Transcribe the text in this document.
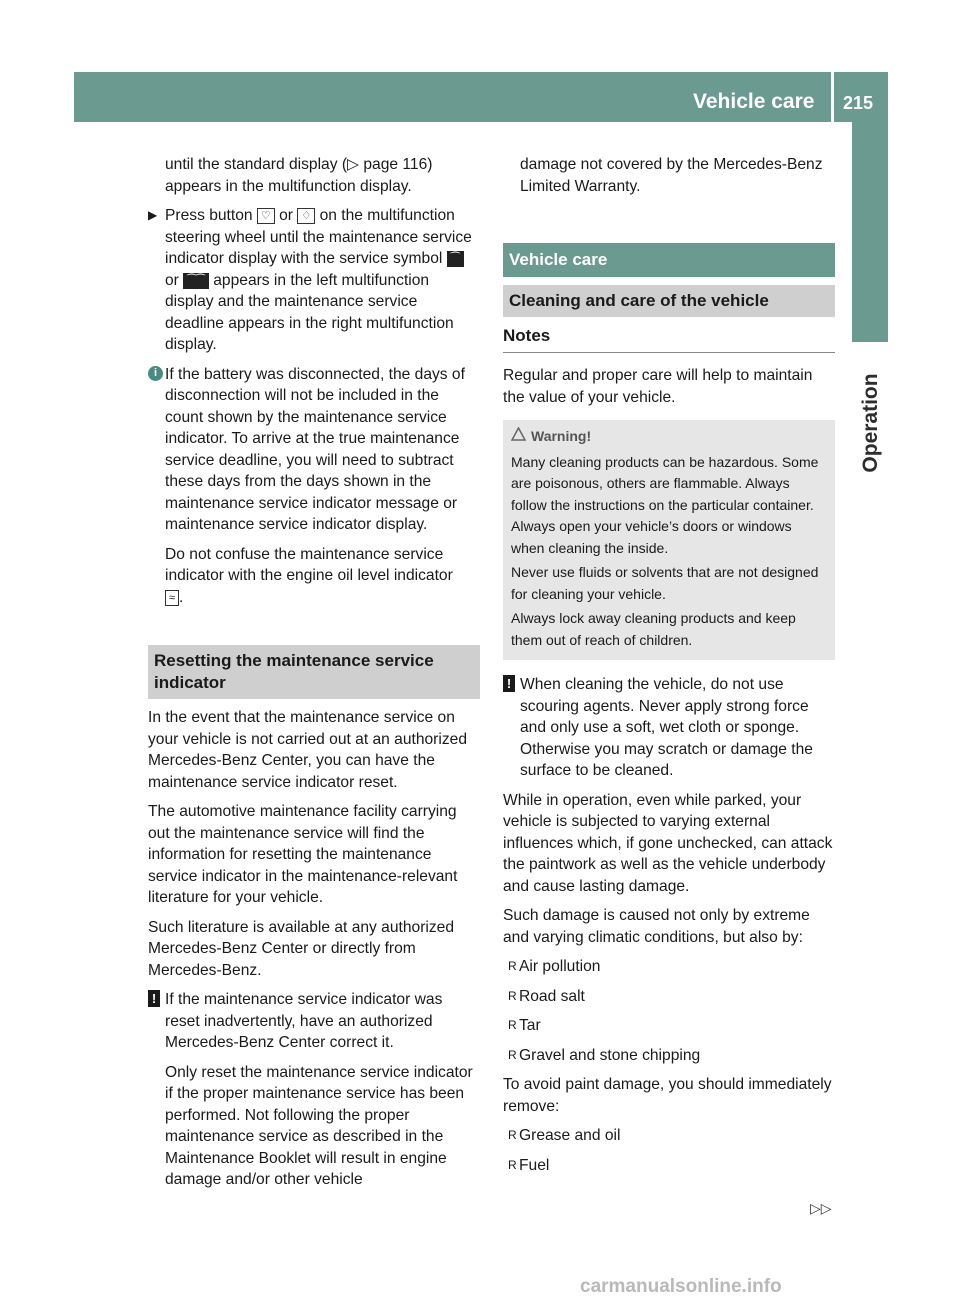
Vehicle care 215
Operation

until the standard display (▷ page 116) appears in the multifunction display.

▶ Press button ♡ or ♢ on the multifunction steering wheel until the maintenance service indicator display with the service symbol ⁀ or ⁀⁀ appears in the left multifunction display and the maintenance service deadline appears in the right multifunction display.

i If the battery was disconnected, the days of disconnection will not be included in the count shown by the maintenance service indicator. To arrive at the true maintenance service deadline, you will need to subtract these days from the days shown in the maintenance service indicator message or maintenance service indicator display.

Do not confuse the maintenance service indicator with the engine oil level indicator
≈ .

Resetting the maintenance service indicator

In the event that the maintenance service on your vehicle is not carried out at an authorized Mercedes-Benz Center, you can have the maintenance service indicator reset.

The automotive maintenance facility carrying out the maintenance service will find the information for resetting the maintenance service indicator in the maintenance-relevant literature for your vehicle.

Such literature is available at any authorized Mercedes-Benz Center or directly from Mercedes-Benz.

! If the maintenance service indicator was reset inadvertently, have an authorized Mercedes-Benz Center correct it.

Only reset the maintenance service indicator if the proper maintenance service has been performed. Not following the proper maintenance service as described in the Maintenance Booklet will result in engine damage and/or other vehicle

damage not covered by the Mercedes-Benz Limited Warranty.

Vehicle care
Cleaning and care of the vehicle
Notes

Regular and proper care will help to maintain the value of your vehicle.

Warning!

Many cleaning products can be hazardous. Some are poisonous, others are flammable. Always follow the instructions on the particular container. Always open your vehicle’s doors or windows when cleaning the inside.

Never use fluids or solvents that are not designed for cleaning your vehicle.

Always lock away cleaning products and keep them out of reach of children.

! When cleaning the vehicle, do not use scouring agents. Never apply strong force and only use a soft, wet cloth or sponge. Otherwise you may scratch or damage the surface to be cleaned.

While in operation, even while parked, your vehicle is subjected to varying external influences which, if gone unchecked, can attack the paintwork as well as the vehicle underbody and cause lasting damage.

Such damage is caused not only by extreme and varying climatic conditions, but also by:

R Air pollution
R Road salt
R Tar
R Gravel and stone chipping

To avoid paint damage, you should immediately remove:

R Grease and oil
R Fuel
▷▷
carmanualsonline.info
